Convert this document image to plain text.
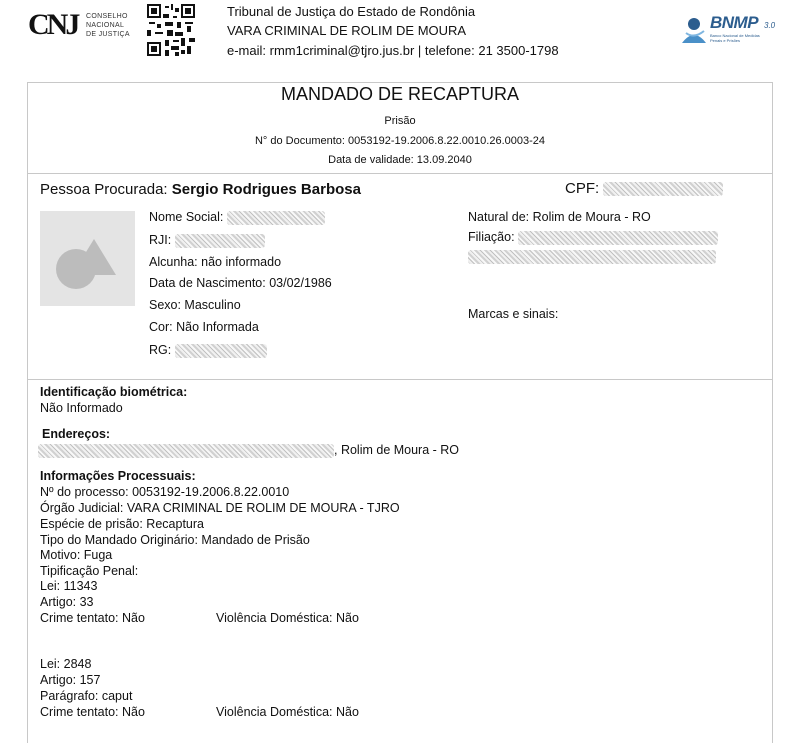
CNJ CONSELHO
NACIONAL
DE JUSTIÇA
Tribunal de Justiça do Estado de Rondônia
VARA CRIMINAL DE ROLIM DE MOURA
e-mail: rmm1criminal@tjro.jus.br | telefone: 21 3500-1798
BNMP 3.0
Banco Nacional de Medidas Penais e Prisões
MANDADO DE RECAPTURA
Prisão
N° do Documento: 0053192-19.2006.8.22.0010.26.0003-24
Data de validade: 13.09.2040
Pessoa Procurada: Sergio Rodrigues Barbosa	CPF:
Nome Social:
RJI:
Alcunha: não informado
Data de Nascimento: 03/02/1986
Sexo: Masculino
Cor: Não Informada
RG:
Natural de: Rolim de Moura - RO
Filiação:
Marcas e sinais:
Identificação biométrica:
Não Informado
Endereços:
, Rolim de Moura - RO
Informações Processuais:
Nº do processo: 0053192-19.2006.8.22.0010
Órgão Judicial: VARA CRIMINAL DE ROLIM DE MOURA - TJRO
Espécie de prisão: Recaptura
Tipo do Mandado Originário: Mandado de Prisão
Motivo: Fuga
Tipificação Penal:
Lei: 11343
Artigo: 33
Crime tentato: Não	Violência Doméstica: Não
Lei: 2848
Artigo: 157
Parágrafo: caput
Crime tentato: Não	Violência Doméstica: Não
